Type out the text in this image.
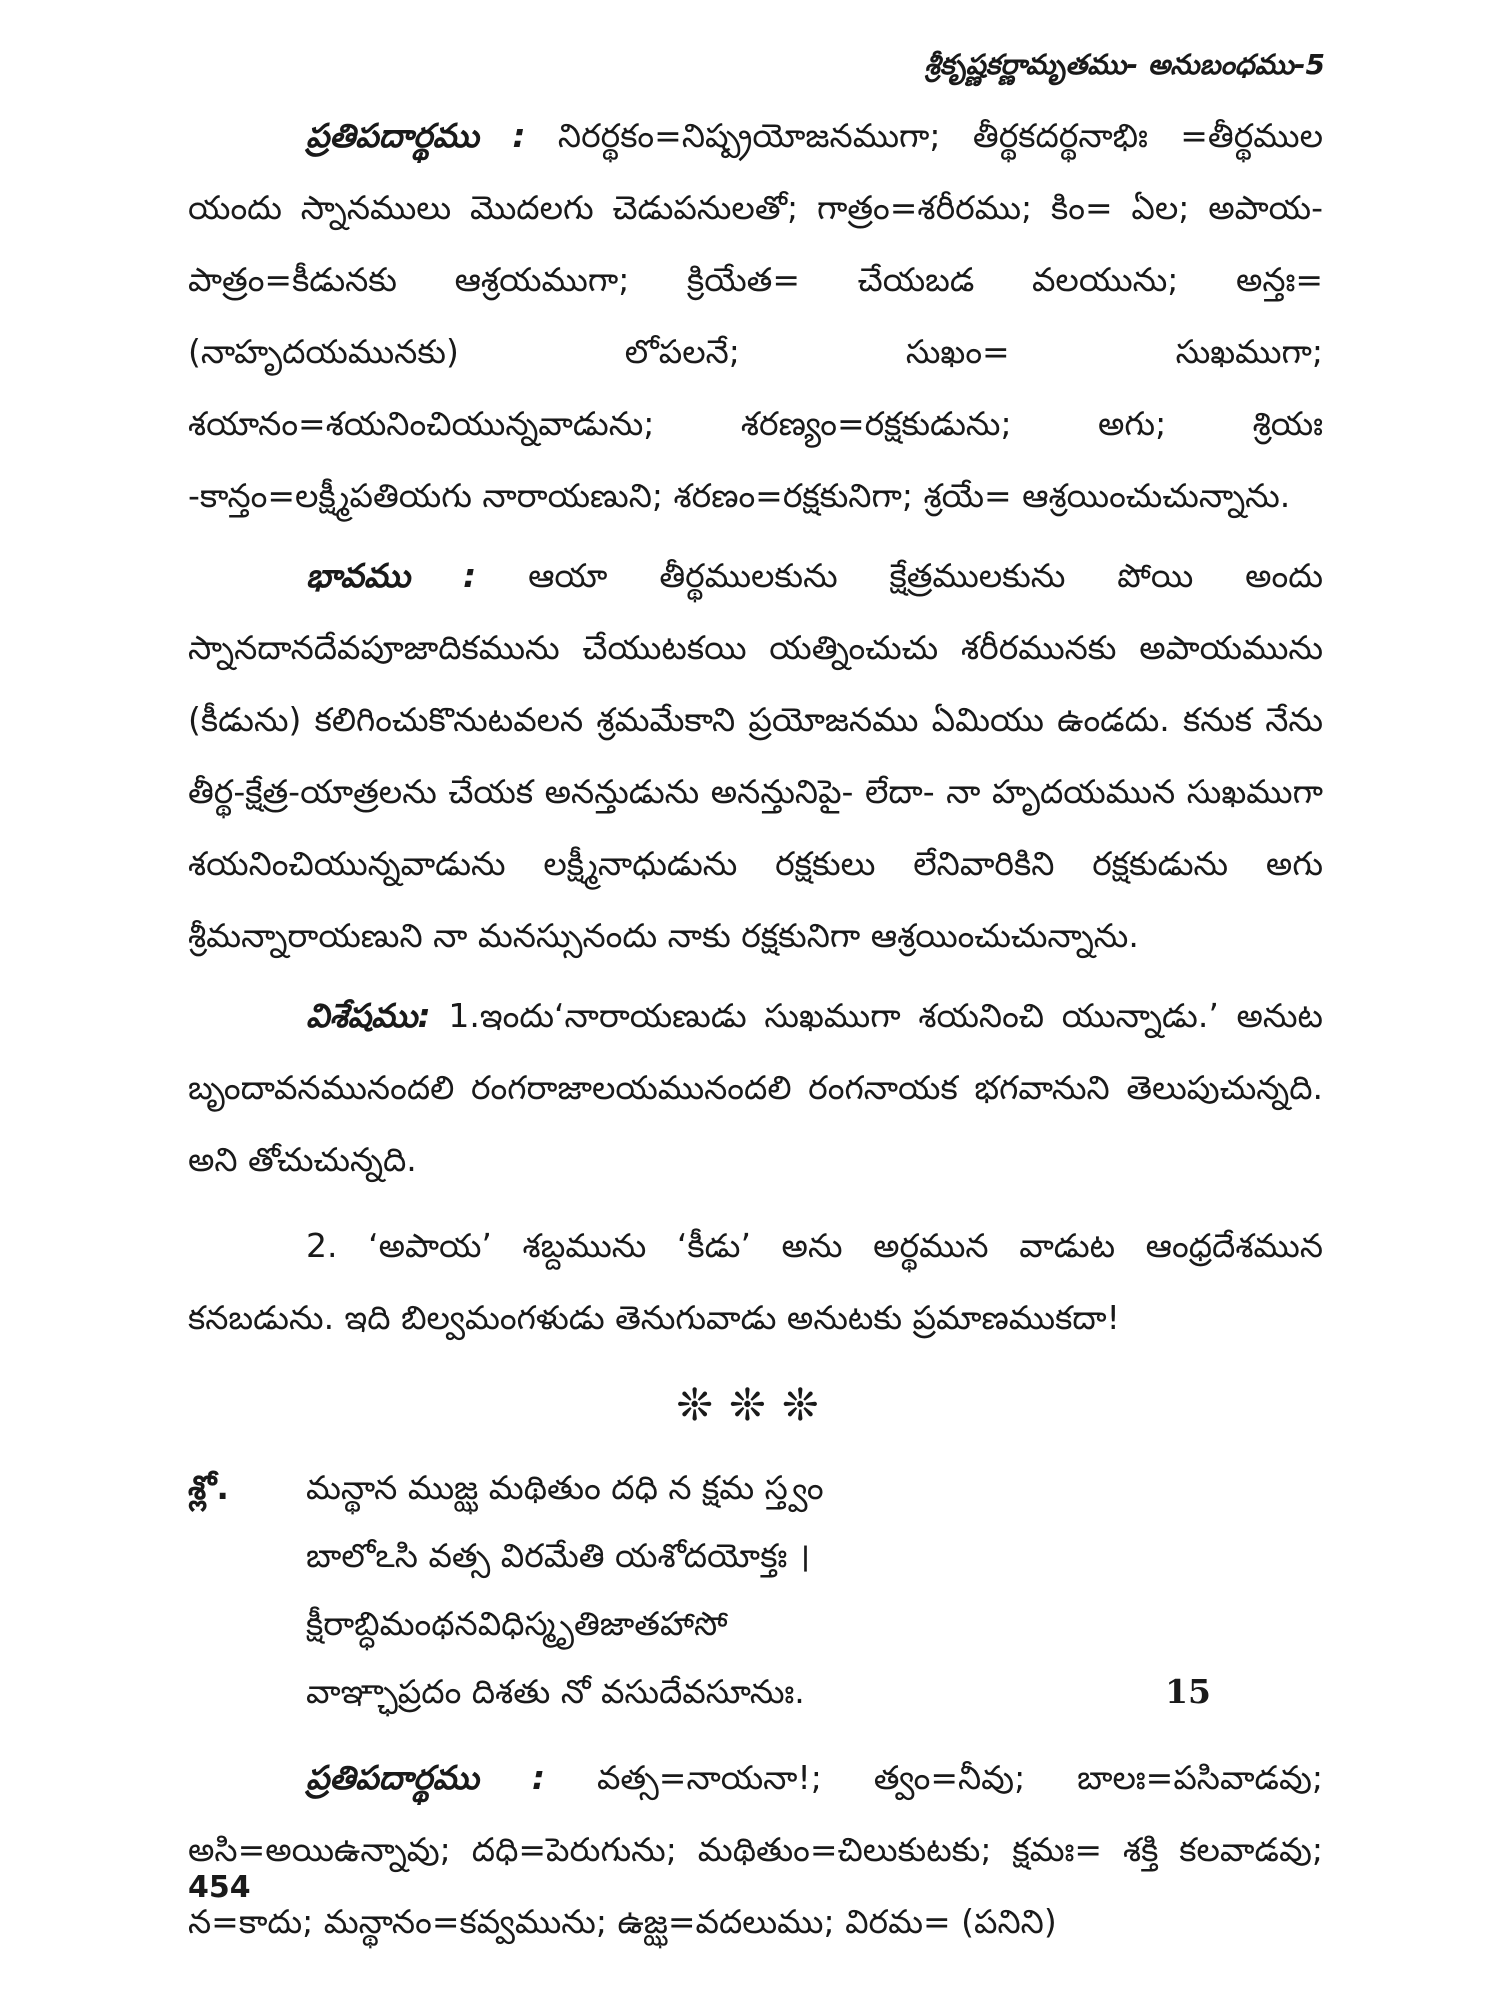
శ్రీకృష్ణకర్ణామృతము- అనుబంధము-5

ప్రతిపదార్థము : నిరర్థకం=నిష్ప్రయోజనముగా; తీర్థకదర్థనాభిః =తీర్థముల యందు స్నానములు మొదలగు చెడుపనులతో; గాత్రం=శరీరము; కిం= ఏల; అపాయ-పాత్రం=కీడునకు ఆశ్రయముగా; క్రియేత= చేయబడ వలయును; అన్తః=(నాహృదయమునకు) లోపలనే; సుఖం= సుఖముగా; శయానం=శయనించియున్నవాడును; శరణ్యం=రక్షకుడును; అగు; శ్రియః -కాన్తం=లక్ష్మీపతియగు నారాయణుని; శరణం=రక్షకునిగా; శ్రయే= ఆశ్రయించుచున్నాను.

భావము : ఆయా తీర్థములకును క్షేత్రములకును పోయి అందు స్నానదానదేవపూజాదికమును చేయుటకయి యత్నించుచు శరీరమునకు అపాయమును (కీడును) కలిగించుకొనుటవలన శ్రమమేకాని ప్రయోజనము ఏమియు ఉండదు. కనుక నేను తీర్థ-క్షేత్ర-యాత్రలను చేయక అనన్తుడును అనన్తునిపై- లేదా- నా హృదయమున సుఖముగా శయనించియున్నవాడును లక్ష్మీనాధుడును రక్షకులు లేనివారికిని రక్షకుడును అగు శ్రీమన్నారాయణుని నా మనస్సునందు నాకు రక్షకునిగా ఆశ్రయించుచున్నాను.

విశేషము: 1.ఇందు‘నారాయణుడు సుఖముగా శయనించి యున్నాడు.’ అనుట బృందావనమునందలి రంగరాజాలయమునందలి రంగనాయక భగవానుని తెలుపుచున్నది. అని తోచుచున్నది.

2. ‘అపాయ’ శబ్దమును ‘కీడు’ అను అర్థమున వాడుట ఆంధ్రదేశమున కనబడును. ఇది బిల్వమంగళుడు తెనుగువాడు అనుటకు ప్రమాణముకదా!

❊❊❊
శ్లో. మన్థాన ముజ్ఝ మథితుం దధి న క్షమ స్త్వం
బాలోఽసి వత్స విరమేతి యశోదయోక్తః ।
క్షీరాబ్ధిమంథనవిధిస్మృతిజాతహాసో
వాఞ్ఛాప్రదం దిశతు నో వసుదేవసూనుః.	15

ప్రతిపదార్థము : వత్స=నాయనా!; త్వం=నీవు; బాలః=పసివాడవు; అసి=అయిఉన్నావు; దధి=పెరుగును; మథితుం=చిలుకుటకు; క్షమః= శక్తి కలవాడవు; న=కాదు; మన్థానం=కవ్వమును; ఉజ్ఝ=వదలుము; విరమ= (పనిని)

454
